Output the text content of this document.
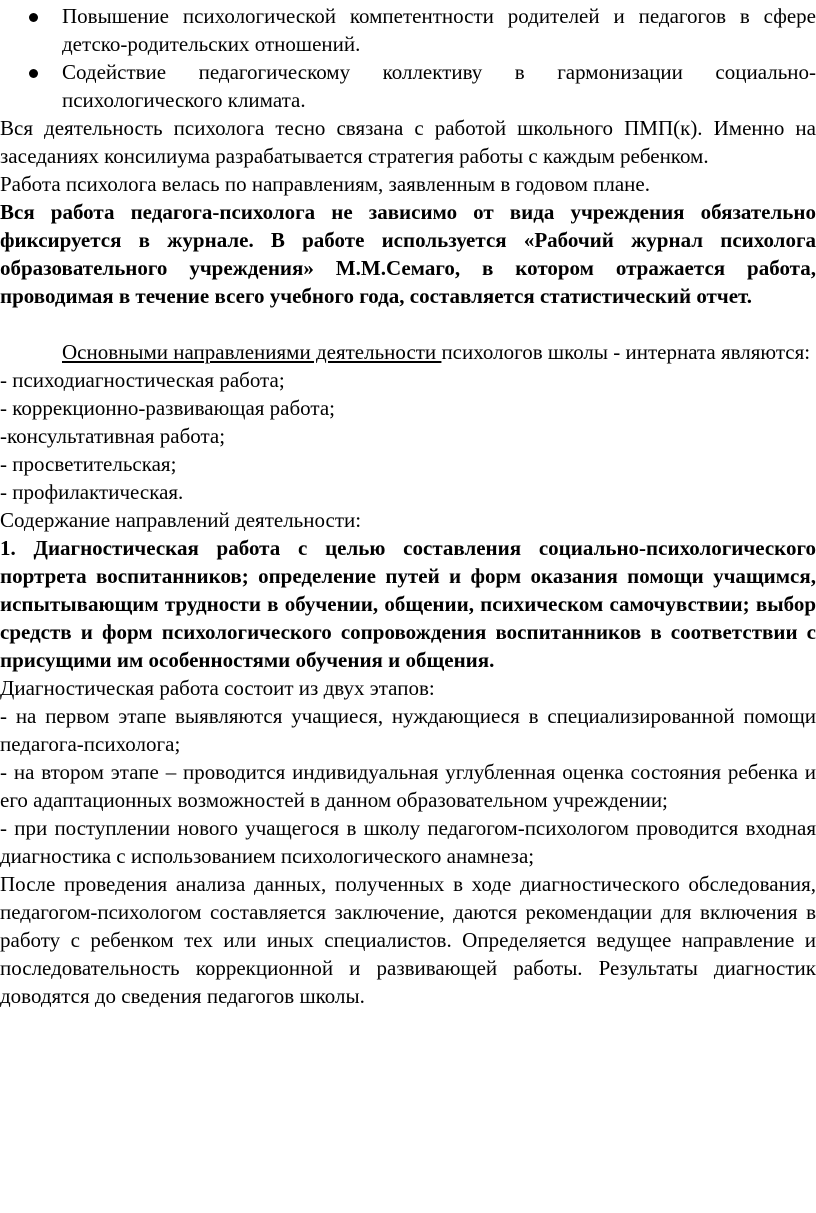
Повышение психологической компетентности родителей и педагогов в сфере детско-родительских отношений.
Содействие педагогическому коллективу в гармонизации социально-психологического климата.

Вся деятельность психолога тесно связана с работой школьного ПМП(к). Именно на заседаниях консилиума разрабатывается стратегия работы с каждым ребенком.

Работа психолога велась по направлениям, заявленным в годовом плане.

Вся работа педагога-психолога не зависимо от вида учреждения обязательно фиксируется в журнале. В работе используется «Рабочий журнал психолога образовательного учреждения» М.М.Семаго, в котором отражается работа, проводимая в течение всего учебного года, составляется статистический отчет.

Основными направлениями деятельности психологов школы - интерната являются:

- психодиагностическая работа;

- коррекционно-развивающая работа;

-консультативная работа;

- просветительская;

- профилактическая.

Содержание направлений деятельности:

1. Диагностическая работа с целью составления социально-психологического портрета воспитанников; определение путей и форм оказания помощи учащимся, испытывающим трудности в обучении, общении, психическом самочувствии; выбор средств и форм психологического сопровождения воспитанников в соответствии с присущими им особенностями обучения и общения.

Диагностическая работа состоит из двух этапов:

- на первом этапе выявляются учащиеся, нуждающиеся в специализированной помощи педагога-психолога;

- на втором этапе – проводится индивидуальная углубленная оценка состояния ребенка и его адаптационных возможностей в данном образовательном учреждении;

- при поступлении нового учащегося в школу педагогом-психологом проводится входная диагностика с использованием психологического анамнеза;

После проведения анализа данных, полученных в ходе диагностического обследования, педагогом-психологом составляется заключение, даются рекомендации для включения в работу с ребенком тех или иных специалистов. Определяется ведущее направление и последовательность коррекционной и развивающей работы. Результаты диагностик доводятся до сведения педагогов школы.
